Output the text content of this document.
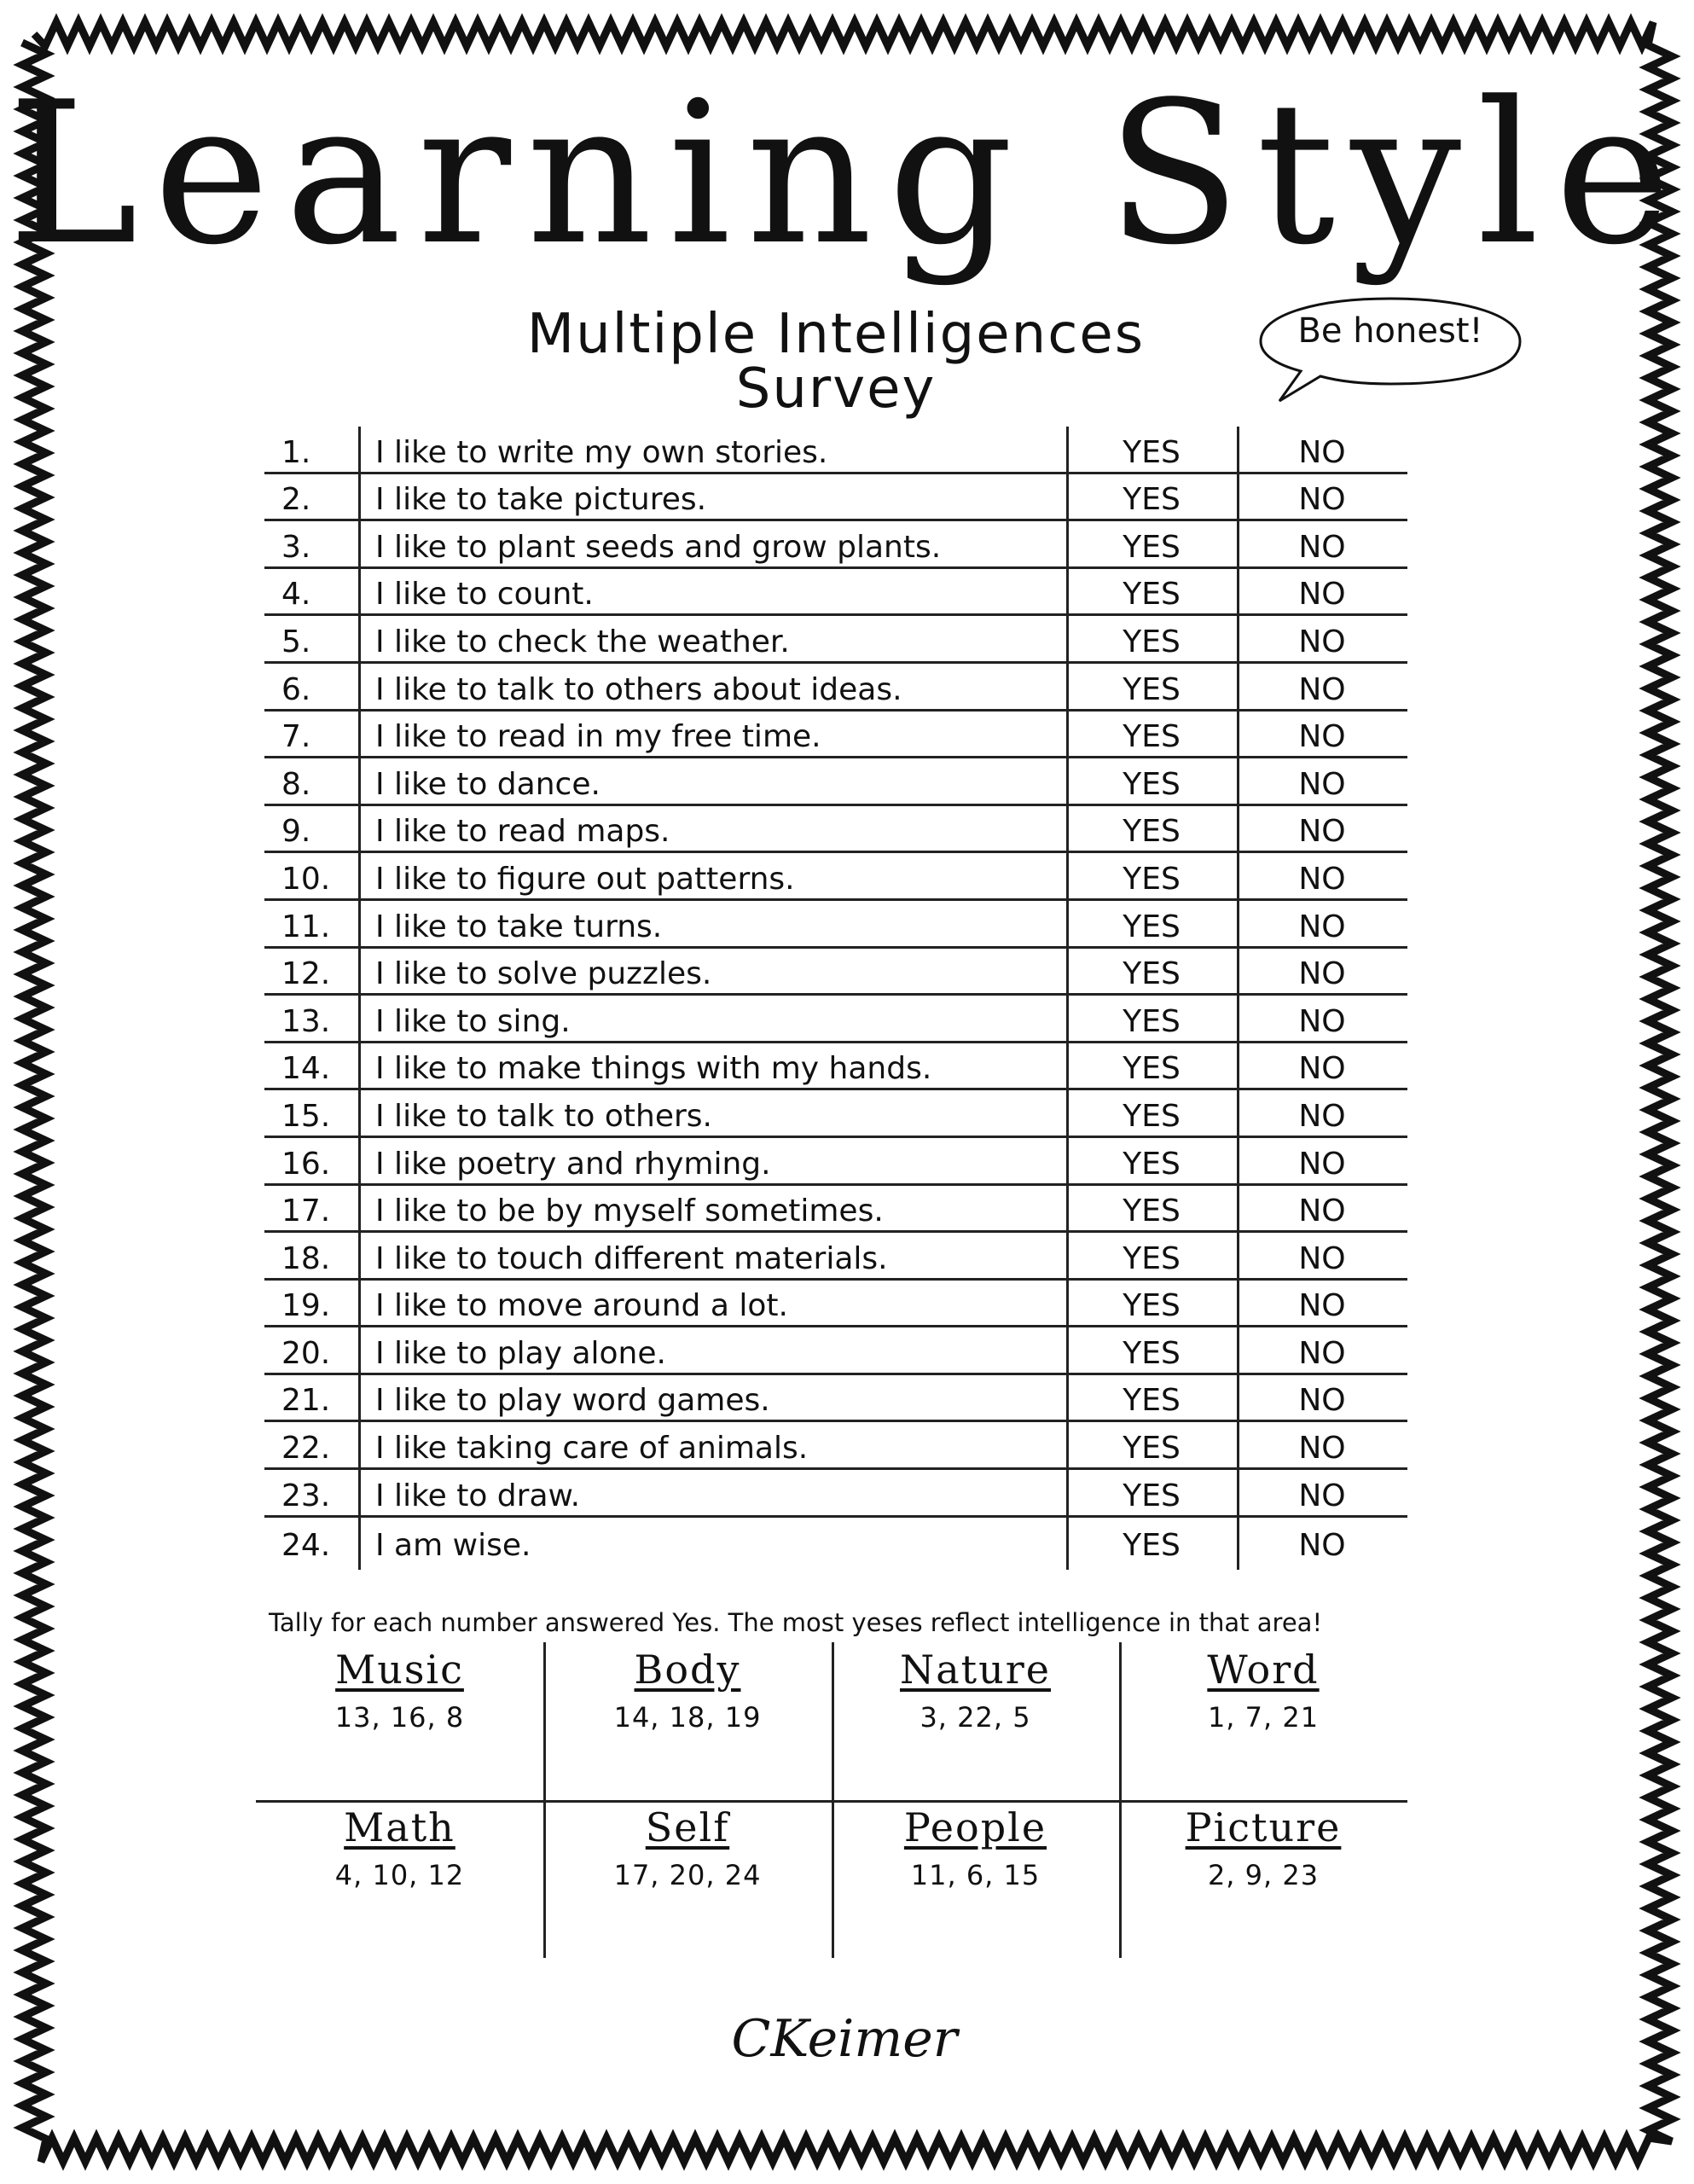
Learning Style
Multiple Intelligences Survey
Be honest!
1.	I like to write my own stories.	YES	NO
2.	I like to take pictures.	YES	NO
3.	I like to plant seeds and grow plants.	YES	NO
4.	I like to count.	YES	NO
5.	I like to check the weather.	YES	NO
6.	I like to talk to others about ideas.	YES	NO
7.	I like to read in my free time.	YES	NO
8.	I like to dance.	YES	NO
9.	I like to read maps.	YES	NO
10.	I like to figure out patterns.	YES	NO
11.	I like to take turns.	YES	NO
12.	I like to solve puzzles.	YES	NO
13.	I like to sing.	YES	NO
14.	I like to make things with my hands.	YES	NO
15.	I like to talk to others.	YES	NO
16.	I like poetry and rhyming.	YES	NO
17.	I like to be by myself sometimes.	YES	NO
18.	I like to touch different materials.	YES	NO
19.	I like to move around a lot.	YES	NO
20.	I like to play alone.	YES	NO
21.	I like to play word games.	YES	NO
22.	I like taking care of animals.	YES	NO
23.	I like to draw.	YES	NO
24.	I am wise.	YES	NO
Tally for each number answered Yes. The most yeses reflect intelligence in that area!
Music
13, 16, 8
Body
14, 18, 19
Nature
3, 22, 5
Word
1, 7, 21
Math
4, 10, 12
Self
17, 20, 24
People
11, 6, 15
Picture
2, 9, 23
CKeimer
